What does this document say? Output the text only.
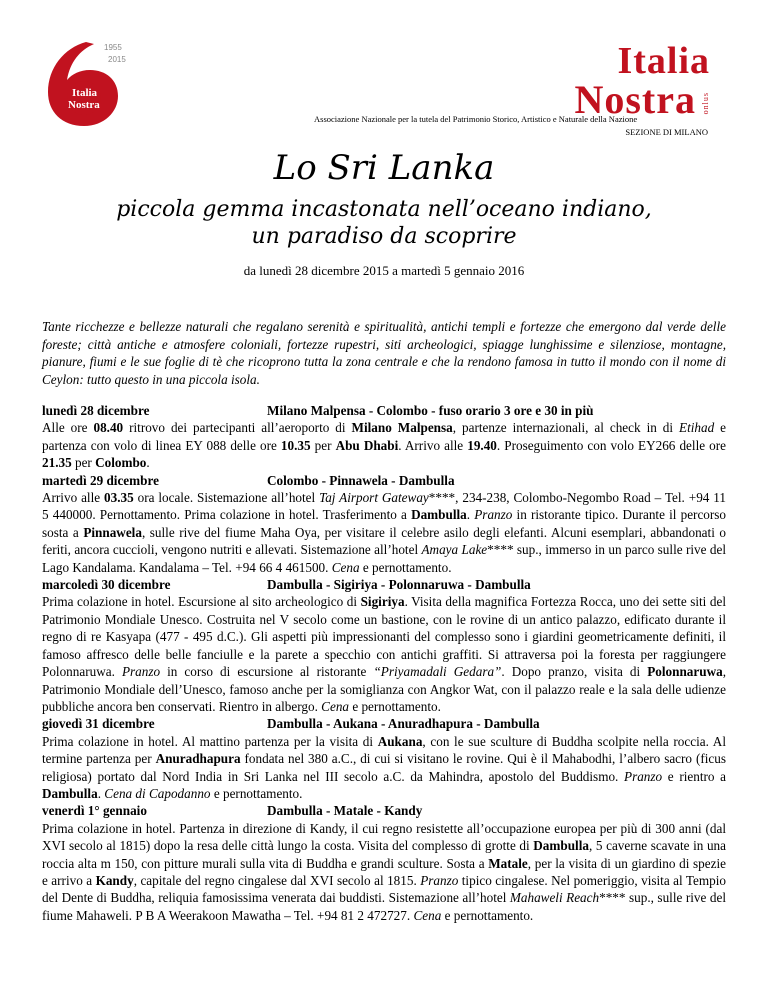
1955
2015
Italia
Nostra
Italia
Nostra onlus
Associazione Nazionale per la tutela del Patrimonio Storico, Artistico e Naturale della Nazione
SEZIONE DI MILANO
Lo Sri Lanka
piccola gemma incastonata nell’oceano indiano,
un paradiso da scoprire
da lunedì 28 dicembre 2015 a martedì 5 gennaio 2016
Tante ricchezze e bellezze naturali che regalano serenità e spiritualità, antichi templi e fortezze che emergono dal verde delle foreste; città antiche e atmosfere coloniali, fortezze rupestri, siti archeologici, spiagge lunghissime e silenziose, montagne, pianure, fiumi e le sue foglie di tè che ricoprono tutta la zona centrale e che la rendono famosa in tutto il mondo con il nome di Ceylon: tutto questo in una piccola isola.
lunedì 28 dicembre	Milano Malpensa - Colombo - fuso orario 3 ore e 30 in più

Alle ore 08.40 ritrovo dei partecipanti all’aeroporto di Milano Malpensa, partenze internazionali, al check in di Etihad e partenza con volo di linea EY 088 delle ore 10.35 per Abu Dhabi. Arrivo alle 19.40. Proseguimento con volo EY266 delle ore 21.35 per Colombo.

martedì 29 dicembre	Colombo - Pinnawela - Dambulla

Arrivo alle 03.35 ora locale. Sistemazione all’hotel Taj Airport Gateway****, 234-238, Colombo-Negombo Road – Tel. +94 11 5 440000. Pernottamento. Prima colazione in hotel. Trasferimento a Dambulla. Pranzo in ristorante tipico. Durante il percorso sosta a Pinnawela, sulle rive del fiume Maha Oya, per visitare il celebre asilo degli elefanti. Alcuni esemplari, abbandonati o feriti, ancora cuccioli, vengono nutriti e allevati. Sistemazione all’hotel Amaya Lake**** sup., immerso in un parco sulle rive del Lago Kandalama. Kandalama – Tel. +94 66 4 461500. Cena e pernottamento.

marcoledì 30 dicembre	Dambulla - Sigiriya - Polonnaruwa - Dambulla

Prima colazione in hotel. Escursione al sito archeologico di Sigiriya. Visita della magnifica Fortezza Rocca, uno dei sette siti del Patrimonio Mondiale Unesco. Costruita nel V secolo come un bastione, con le rovine di un antico palazzo, edificato durante il regno di re Kasyapa (477 - 495 d.C.). Gli aspetti più impressionanti del complesso sono i giardini geometricamente definiti, il famoso affresco delle belle fanciulle e la parete a specchio con antichi graffiti. Si attraversa poi la foresta per raggiungere Polonnaruwa. Pranzo in corso di escursione al ristorante “Priyamadali Gedara”. Dopo pranzo, visita di Polonnaruwa, Patrimonio Mondiale dell’Unesco, famoso anche per la somiglianza con Angkor Wat, con il palazzo reale e la sala delle udienze pubbliche ancora ben conservati. Rientro in albergo. Cena e pernottamento.

giovedì 31 dicembre	Dambulla - Aukana - Anuradhapura - Dambulla

Prima colazione in hotel. Al mattino partenza per la visita di Aukana, con le sue sculture di Buddha scolpite nella roccia. Al termine partenza per Anuradhapura fondata nel 380 a.C., di cui si visitano le rovine. Qui è il Mahabodhi, l’albero sacro (ficus religiosa) portato dal Nord India in Sri Lanka nel III secolo a.C. da Mahindra, apostolo del Buddismo. Pranzo e rientro a Dambulla. Cena di Capodanno e pernottamento.

venerdì 1° gennaio	Dambulla - Matale - Kandy

Prima colazione in hotel. Partenza in direzione di Kandy, il cui regno resistette all’occupazione europea per più di 300 anni (dal XVI secolo al 1815) dopo la resa delle città lungo la costa. Visita del complesso di grotte di Dambulla, 5 caverne scavate in una roccia alta m 150, con pitture murali sulla vita di Buddha e grandi sculture. Sosta a Matale, per la visita di un giardino di spezie e arrivo a Kandy, capitale del regno cingalese dal XVI secolo al 1815. Pranzo tipico cingalese. Nel pomeriggio, visita al Tempio del Dente di Buddha, reliquia famosissima venerata dai buddisti. Sistemazione all’hotel Mahaweli Reach**** sup., sulle rive del fiume Mahaweli. P B A Weerakoon Mawatha – Tel. +94 81 2 472727. Cena e pernottamento.
